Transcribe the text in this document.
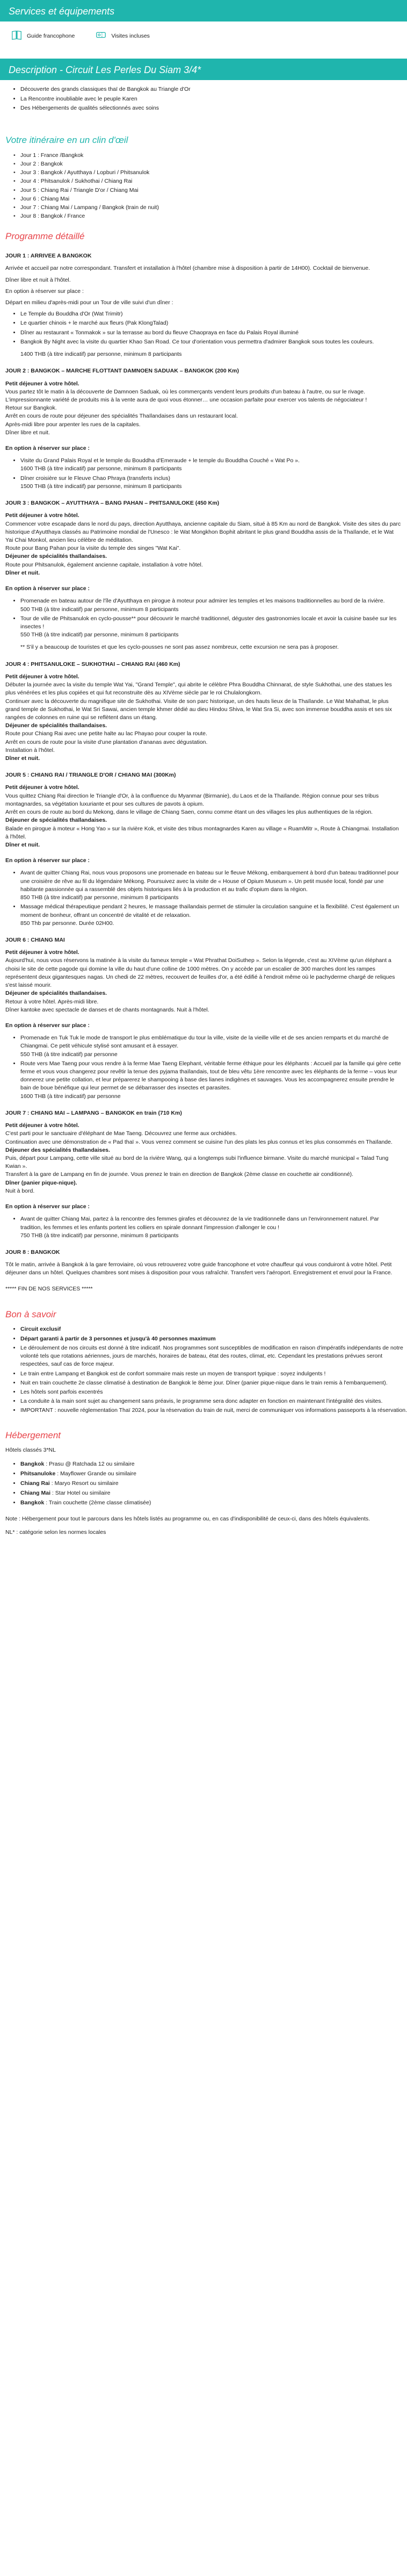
Services et équipements
Guide francophone	Visites incluses
Description - Circuit Les Perles Du Siam 3/4*
• Découverte des grands classiques thaï de Bangkok au Triangle d'Or
• La Rencontre inoubliable avec le peuple Karen
• Des Hébergements de qualités sélectionnés avec soins
Votre itinéraire en un clin d'œil
• Jour 1 : France /Bangkok
• Jour 2 : Bangkok
• Jour 3 : Bangkok / Ayutthaya / Lopburi / Phitsanulok
• Jour 4 : Phitsanulok / Sukhothai / Chiang Rai
• Jour 5 : Chiang Rai / Triangle D'or / Chiang Mai
• Jour 6 : Chiang Mai
• Jour 7 : Chiang Mai / Lampang / Bangkok (train de nuit)
• Jour 8 : Bangkok / France
Programme détaillé
JOUR 1 : ARRIVEE A BANGKOK

Arrivée et accueil par notre correspondant. Transfert et installation à l'hôtel (chambre mise à disposition à partir de 14H00). Cocktail de bienvenue.

Dîner libre et nuit à l'hôtel.

En option à réserver sur place :

Départ en milieu d'après-midi pour un Tour de ville suivi d'un dîner :

• Le Temple du Bouddha d'Or (Wat Trimitr)
• Le quartier chinois + le marché aux fleurs (Pak KlongTalad)
• Dîner au restaurant « Tonmakok » sur la terrasse au bord du fleuve Chaopraya en face du Palais Royal illuminé
• Bangkok By Night avec la visite du quartier Khao San Road. Ce tour d'orientation vous permettra d'admirer Bangkok sous toutes les couleurs.

1400 THB (à titre indicatif) par personne, minimum 8 participants

JOUR 2 : BANGKOK – MARCHE FLOTTANT DAMNOEN SADUAK – BANGKOK (200 Km)
Petit déjeuner à votre hôtel.
Vous partez tôt le matin à la découverte de Damnoen Saduak, où les commerçants vendent leurs produits d'un bateau à l'autre, ou sur le rivage. L'impressionnante variété de produits mis à la vente aura de quoi vous étonner… une occasion parfaite pour exercer vos talents de négociateur !
Retour sur Bangkok.
Arrêt en cours de route pour déjeuner des spécialités Thaïlandaises dans un restaurant local.
Après-midi libre pour arpenter les rues de la capitales.
Dîner libre et nuit.
En option à réserver sur place :
• Visite du Grand Palais Royal et le temple du Bouddha d'Emeraude + le temple du Bouddha Couché « Wat Po ».
1600 THB (à titre indicatif) par personne, minimum 8 participants
• Dîner croisière sur le Fleuve Chao Phraya (transferts inclus)
1500 THB (à titre indicatif) par personne, minimum 8 participants
JOUR 3 : BANGKOK – AYUTTHAYA – BANG PAHAN – PHITSANULOKE (450 Km)
Petit déjeuner à votre hôtel.
Commencer votre escapade dans le nord du pays, direction Ayutthaya, ancienne capitale du Siam, situé à 85 Km au nord de Bangkok. Visite des sites du parc historique d'Ayutthaya classés au Patrimoine mondial de l'Unesco : le Wat Mongkhon Bophit abritant le plus grand Bouddha assis de la Thaïlande, et le Wat Yai Chai Monkol, ancien lieu célèbre de méditation.
Route pour Bang Pahan pour la visite du temple des singes "Wat Kai".
Déjeuner de spécialités thaïlandaises.
Route pour Phitsanulok, également ancienne capitale, installation à votre hôtel.
Dîner et nuit.
En option à réserver sur place :
• Promenade en bateau autour de l'île d'Ayutthaya en pirogue à moteur pour admirer les temples et les maisons traditionnelles au bord de la rivière.
500 THB (à titre indicatif) par personne, minimum 8 participants
• Tour de ville de Phitsanulok en cyclo-pousse** pour découvrir le marché traditionnel, déguster des gastronomies locale et avoir la cuisine basée sur les insectes !
550 THB (à titre indicatif) par personne, minimum 8 participants

** S'il y a beaucoup de touristes et que les cyclo-pousses ne sont pas assez nombreux, cette excursion ne sera pas à proposer.

JOUR 4 : PHITSANULOKE – SUKHOTHAI – CHIANG RAI (460 Km)
Petit déjeuner à votre hôtel.
Débuter la journée avec la visite du temple Wat Yai, "Grand Temple", qui abrite le célèbre Phra Bouddha Chinnarat, de style Sukhothai, une des statues les plus vénérées et les plus copiées et qui fut reconstruite dès au XIVème siècle par le roi Chulalongkorn.
Continuer avec la découverte du magnifique site de Sukhothai. Visite de son parc historique, un des hauts lieux de la Thaïlande. Le Wat Mahathat, le plus grand temple de Sukhothai, le Wat Sri Sawai, ancien temple khmer dédié au dieu Hindou Shiva, le Wat Sra Si, avec son immense bouddha assis et ses six rangées de colonnes en ruine qui se reflètent dans un étang.
Déjeuner de spécialités thaïlandaises.
Route pour Chiang Rai avec une petite halte au lac Phayao pour couper la route.
Arrêt en cours de route pour la visite d'une plantation d'ananas avec dégustation.
Installation à l'hôtel.
Dîner et nuit.
JOUR 5 : CHIANG RAI / TRIANGLE D'OR / CHIANG MAI (300Km)
Petit déjeuner à votre hôtel.
Vous quittez Chiang Rai direction le Triangle d'Or, à la confluence du Myanmar (Birmanie), du Laos et de la Thaïlande. Région connue pour ses tribus montagnardes, sa végétation luxuriante et pour ses cultures de pavots à opium.
Arrêt en cours de route au bord du Mekong, dans le village de Chiang Saen, connu comme étant un des villages les plus authentiques de la région.
Déjeuner de spécialités thaïlandaises.
Balade en pirogue à moteur « Hong Yao » sur la rivière Kok, et visite des tribus montagnardes Karen au village « RuamMitr », Route à Chiangmai. Installation à l'hôtel.
Dîner et nuit.
En option à réserver sur place :
• Avant de quitter Chiang Rai, nous vous proposons une promenade en bateau sur le fleuve Mékong, embarquement à bord d'un bateau traditionnel pour une croisière de rêve au fil du légendaire Mékong. Poursuivez avec la visite de « House of Opium Museum ». Un petit musée local, fondé par une habitante passionnée qui a rassemblé des objets historiques liés à la production et au trafic d'opium dans la région.
850 THB (à titre indicatif) par personne, minimum 8 participants
• Massage médical thérapeutique pendant 2 heures, le massage thaïlandais permet de stimuler la circulation sanguine et la flexibilité. C'est également un moment de bonheur, offrant un concentré de vitalité et de relaxation.
850 Thb par personne. Durée 02H00.
JOUR 6 : CHIANG MAI
Petit déjeuner à votre hôtel.
Aujourd'hui, nous vous réservons la matinée à la visite du fameux temple « Wat Phrathat DoiSuthep ». Selon la légende, c'est au XIVème qu'un éléphant a choisi le site de cette pagode qui domine la ville du haut d'une colline de 1000 mètres. On y accède par un escalier de 300 marches dont les rampes représentent deux gigantesques nagas. Un chedi de 22 mètres, recouvert de feuilles d'or, a été édifié à l'endroit même où le pachyderme chargé de reliques s'est laissé mourir.
Déjeuner de spécialités thaïlandaises.
Retour à votre hôtel. Après-midi libre.
Dîner kantoke avec spectacle de danses et de chants montagnards. Nuit à l'hôtel.
En option à réserver sur place :
• Promenade en Tuk Tuk le mode de transport le plus emblématique du tour la ville, visite de la vieille ville et de ses ancien remparts et du marché de Chiangmai. Ce petit véhicule stylisé sont amusant et à essayer.
550 THB (à titre indicatif) par personne
• Route vers Mae Taeng pour vous rendre à la ferme Mae Taeng Elephant, véritable ferme éthique pour les éléphants : Accueil par la famille qui gère cette ferme et vous vous changerez pour revêtir la tenue des pyjama thaïlandais, tout de bleu vêtu 1ère rencontre avec les éléphants de la ferme – vous leur donnerez une petite collation, et leur préparerez le shampooing à base des lianes indigènes et sauvages. Vous les accompagnerez ensuite prendre le bain de boue bénéfique qui leur permet de se débarrasser des insectes et parasites.
1600 THB (à titre indicatif) par personne
JOUR 7 : CHIANG MAI – LAMPANG – BANGKOK en train (710 Km)
Petit déjeuner à votre hôtel.
C'est parti pour le sanctuaire d'éléphant de Mae Taeng. Découvrez une ferme aux orchidées.
Continuation avec une démonstration de « Pad thaï ». Vous verrez comment se cuisine l'un des plats les plus connus et les plus consommés en Thaïlande.
Déjeuner des spécialités thaïlandaises.
Puis, départ pour Lampang, cette ville situé au bord de la rivière Wang, qui a longtemps subi l'influence birmane. Visite du marché municipal « Talad Tung Kwian ».
Transfert à la gare de Lampang en fin de journée. Vous prenez le train en direction de Bangkok (2ème classe en couchette air conditionné).
Dîner (panier pique-nique).
Nuit à bord.
En option à réserver sur place :
• Avant de quitter Chiang Mai, partez à la rencontre des femmes girafes et découvrez de la vie traditionnelle dans un l'environnement naturel. Par tradition, les femmes et les enfants portent les colliers en spirale donnant l'impression d'allonger le cou !
750 THB (à titre indicatif) par personne, minimum 8 participants
JOUR 8 : BANGKOK

Tôt le matin, arrivée à Bangkok à la gare ferroviaire, où vous retrouverez votre guide francophone et votre chauffeur qui vous conduiront à votre hôtel. Petit déjeuner dans un hôtel. Quelques chambres sont mises à disposition pour vous rafraîchir. Transfert vers l'aéroport. Enregistrement et envol pour la France.

***** FIN DE NOS SERVICES *****
Bon à savoir
• Circuit exclusif
• Départ garanti à partir de 3 personnes et jusqu'à 40 personnes maximum
• Le déroulement de nos circuits est donné à titre indicatif. Nos programmes sont susceptibles de modification en raison d'impératifs indépendants de notre volonté tels que rotations aériennes, jours de marchés, horaires de bateau, état des routes, climat, etc. Cependant les prestations prévues seront respectées, sauf cas de force majeur.
• Le train entre Lampang et Bangkok est de confort sommaire mais reste un moyen de transport typique : soyez indulgents !
• Nuit en train couchette 2e classe climatisé à destination de Bangkok le 8ème jour. Dîner (panier pique-nique dans le train remis à l'embarquement).
• Les hôtels sont parfois excentrés
• La conduite à la main sont sujet au changement sans préavis, le programme sera donc adapter en fonction en maintenant l'intégralité des visites.
• IMPORTANT : nouvelle réglementation Thaï 2024, pour la réservation du train de nuit, merci de communiquer vos informations passeports à la réservation.
Hébergement
Hôtels classés 3*NL
• Bangkok : Prasu @ Ratchada 12 ou similaire
• Phitsanuloke : Mayflower Grande ou similaire
• Chiang Rai : Maryo Resort ou similaire
• Chiang Mai : Star Hotel ou similaire
• Bangkok : Train couchette (2ème classe climatisée)
Note : Hébergement pour tout le parcours dans les hôtels listés au programme ou, en cas d'indisponibilité de ceux-ci, dans des hôtels équivalents.
NL* : catégorie selon les normes locales
